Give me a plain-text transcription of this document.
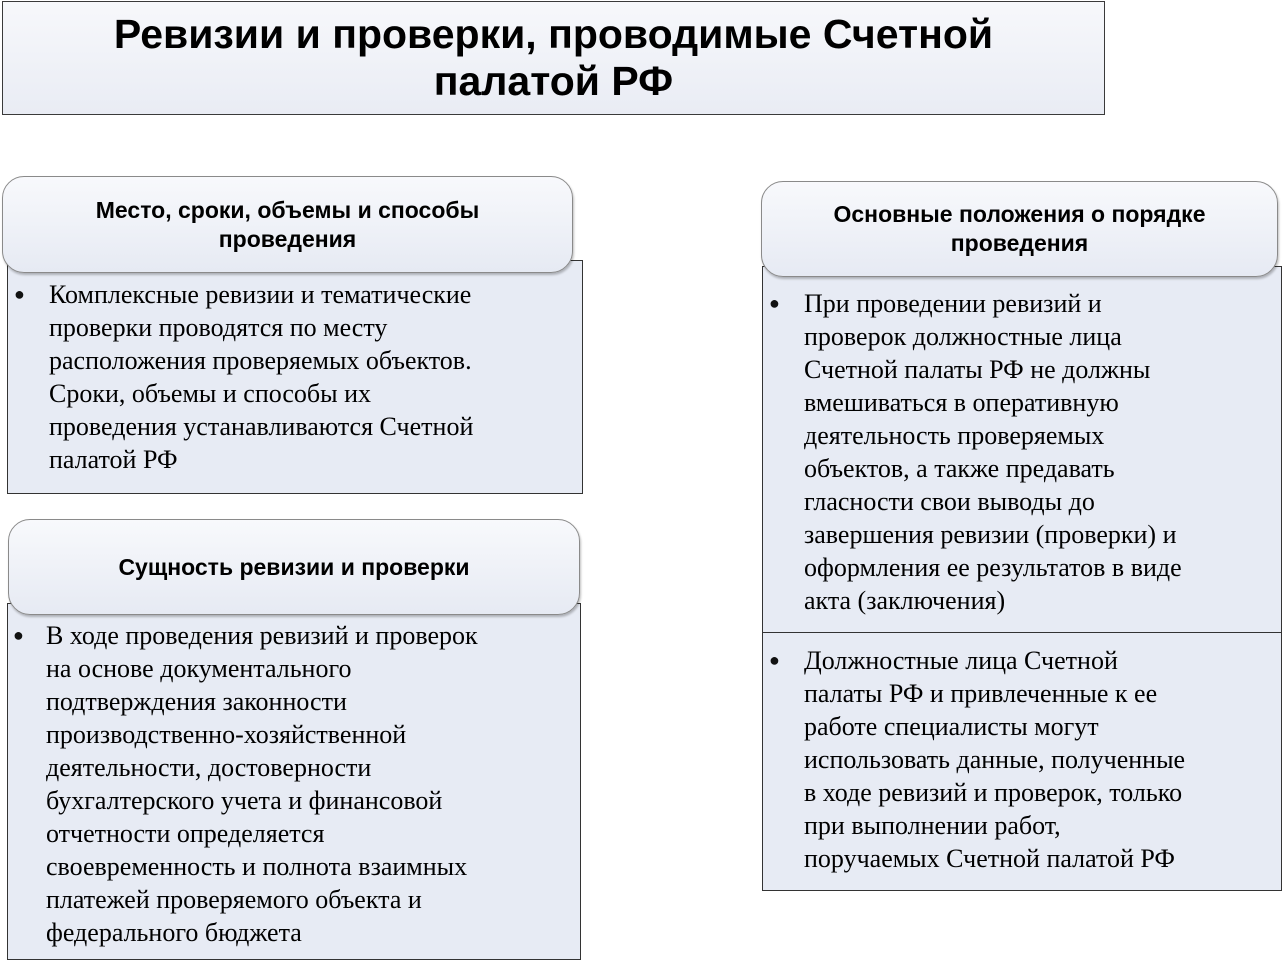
Ревизии и проверки, проводимые Счетной
палатой РФ
Место, сроки, объемы и способы
проведения
● Комплексные ревизии и тематические
проверки проводятся по месту
расположения проверяемых объектов.
Сроки, объемы и способы их
проведения устанавливаются Счетной
палатой РФ
Сущность ревизии и проверки
● В ходе проведения ревизий и проверок
на основе документального
подтверждения законности
производственно-хозяйственной
деятельности, достоверности
бухгалтерского учета и финансовой
отчетности определяется
своевременность и полнота взаимных
платежей проверяемого объекта и
федерального бюджета
Основные положения о порядке
проведения
● При проведении ревизий и
проверок должностные лица
Счетной палаты РФ не должны
вмешиваться в оперативную
деятельность проверяемых
объектов, а также предавать
гласности свои выводы до
завершения ревизии (проверки) и
оформления ее результатов в виде
акта (заключения)
● Должностные лица Счетной
палаты РФ и привлеченные к ее
работе специалисты могут
использовать данные, полученные
в ходе ревизий и проверок, только
при выполнении работ,
поручаемых Счетной палатой РФ
